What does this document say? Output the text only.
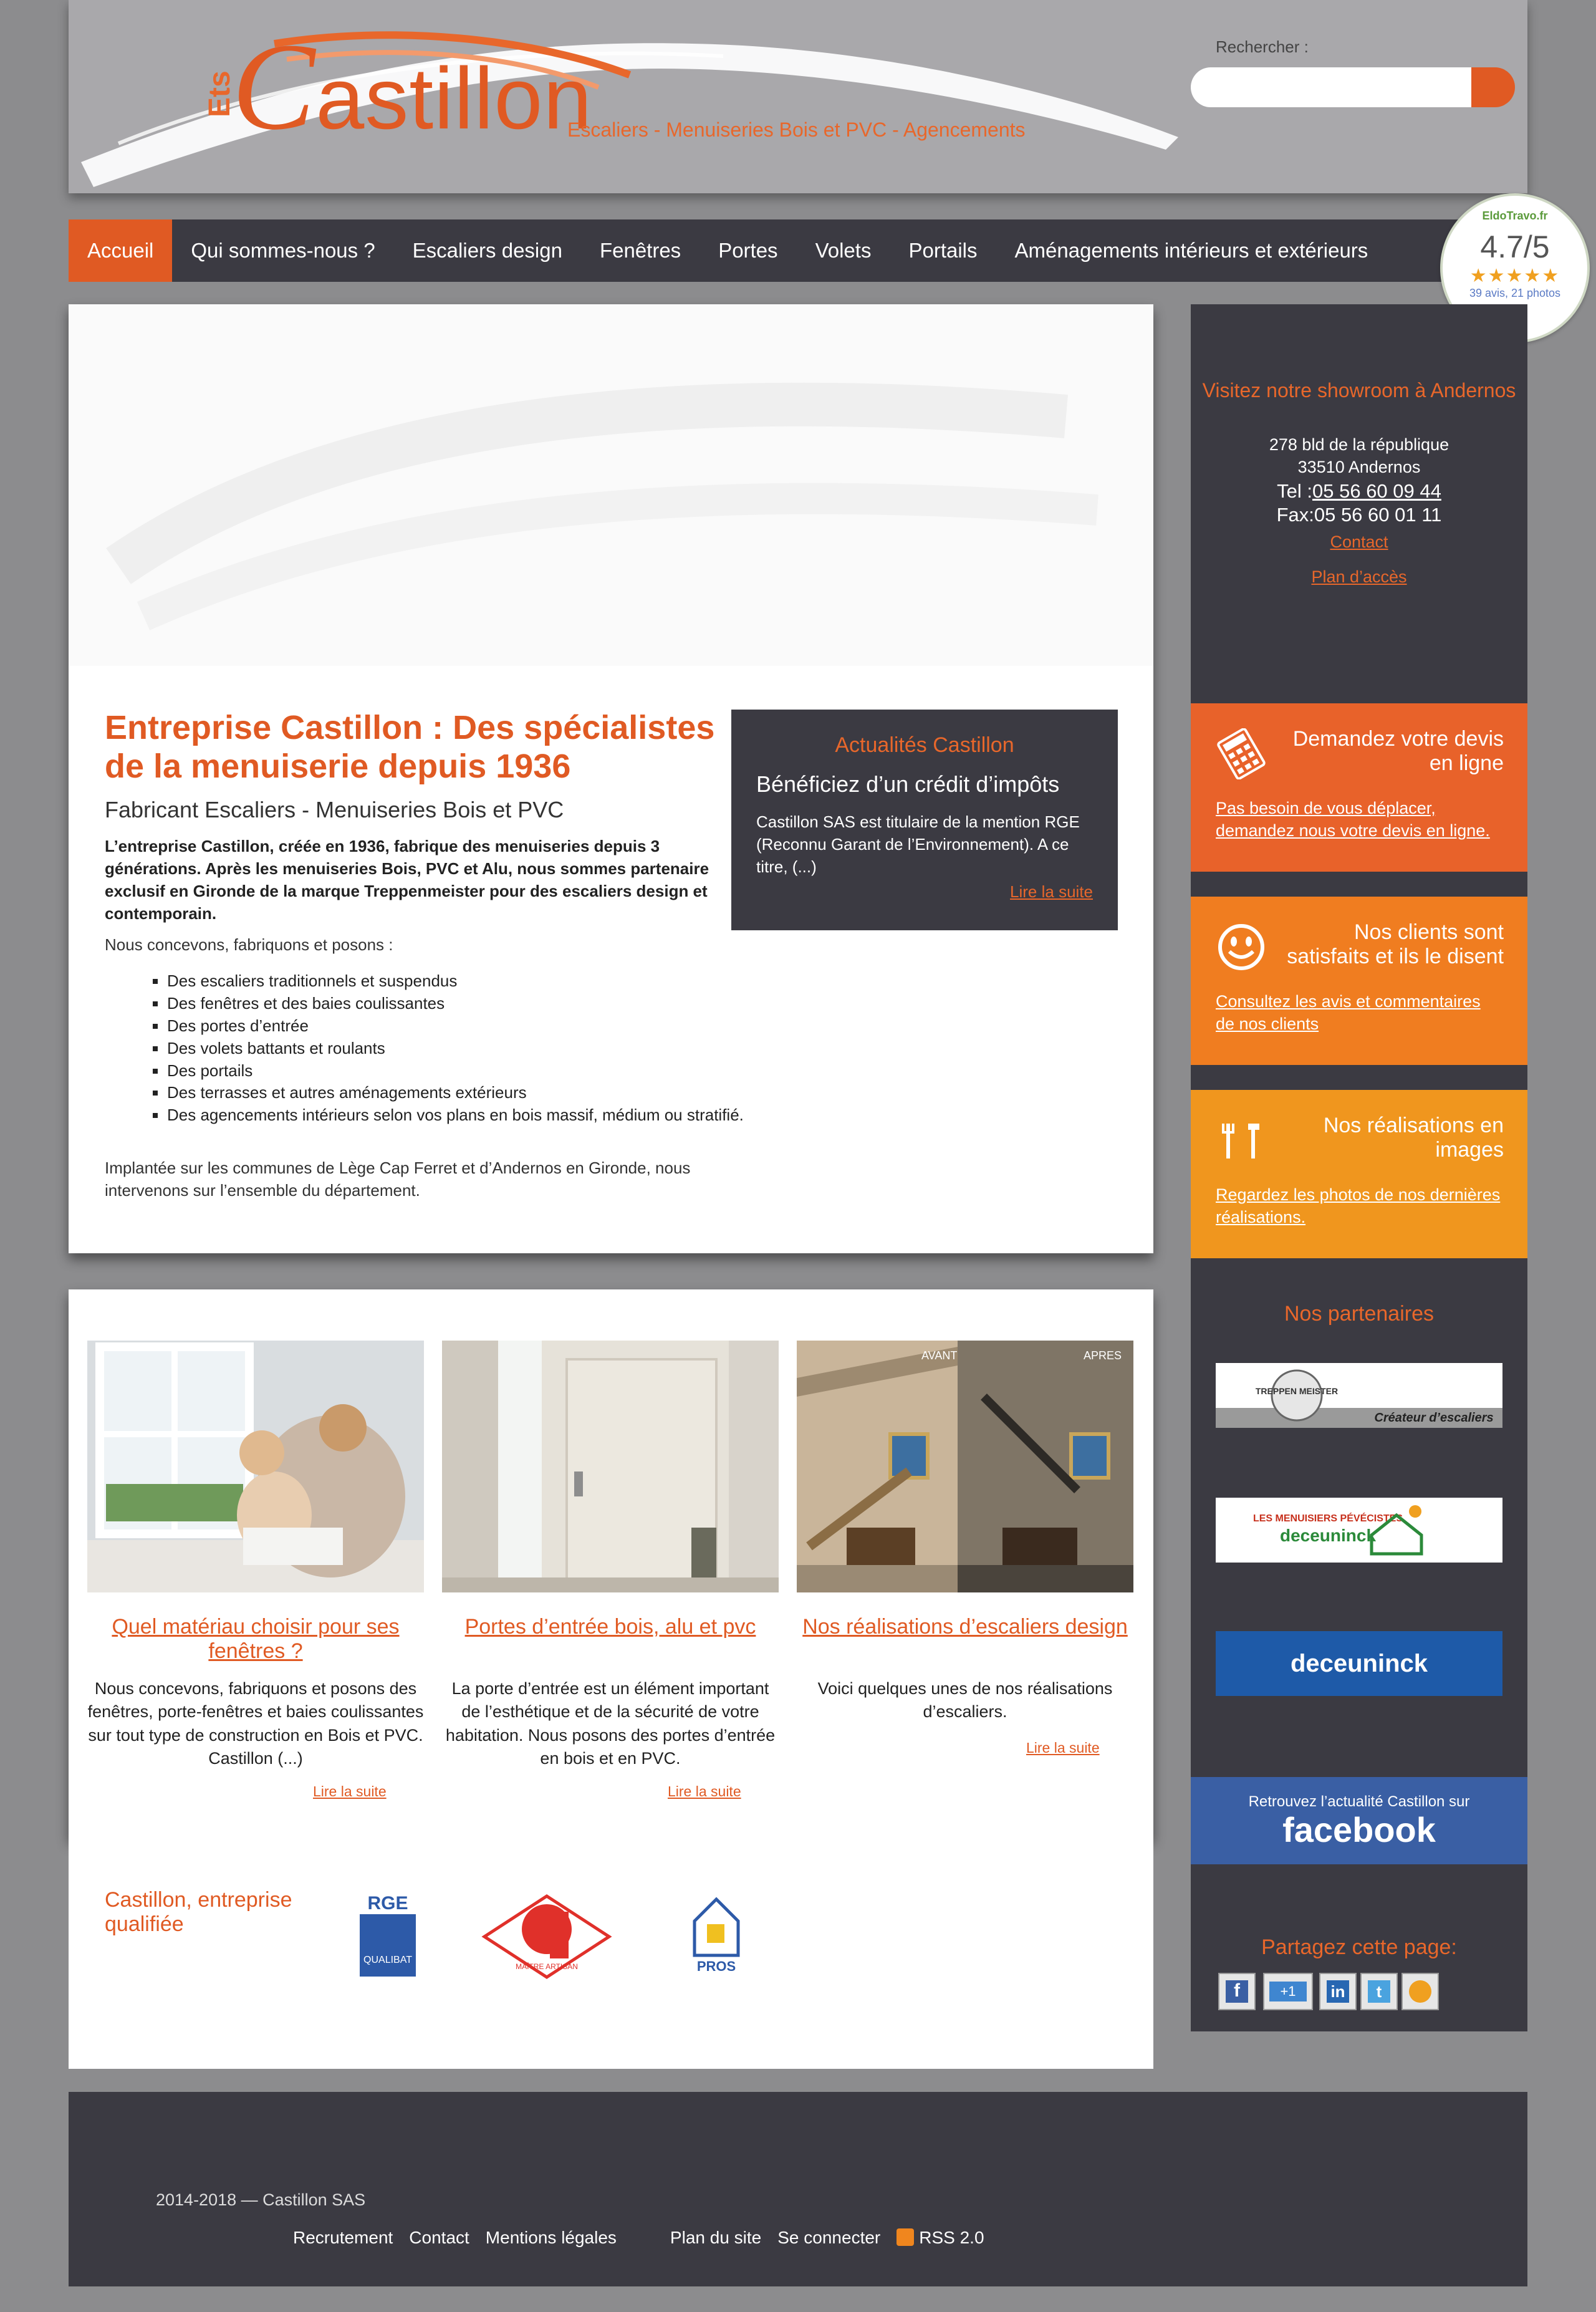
Ets
Castillon
Escaliers - Menuiseries Bois et PVC - Agencements
Rechercher :
Accueil	Qui sommes-nous ?	Escaliers design	Fenêtres	Portes	Volets	Portails	Aménagements intérieurs et extérieurs
EldoTravo.fr
4.7/5
★★★★★
39 avis, 21 photos
Entreprise Castillon : Des spécialistes de la menuiserie depuis 1936
Fabricant Escaliers - Menuiseries Bois et PVC

L’entreprise Castillon, créée en 1936, fabrique des menuiseries depuis 3 générations. Après les menuiseries Bois, PVC et Alu, nous sommes partenaire exclusif en Gironde de la marque Treppenmeister pour des escaliers design et contemporain.

Nous concevons, fabriquons et posons :

▪ Des escaliers traditionnels et suspendus
▪ Des fenêtres et des baies coulissantes
▪ Des portes d’entrée
▪ Des volets battants et roulants
▪ Des portails
▪ Des terrasses et autres aménagements extérieurs
▪ Des agencements intérieurs selon vos plans en bois massif, médium ou stratifié.

Implantée sur les communes de Lège Cap Ferret et d’Andernos en Gironde, nous intervenons sur l’ensemble du département.

Actualités Castillon
Bénéficiez d’un crédit d’impôts
Castillon SAS est titulaire de la mention RGE (Reconnu Garant de l’Environnement). A ce titre, (...)
Lire la suite
Quel matériau choisir pour ses fenêtres ?

Nous concevons, fabriquons et posons des fenêtres, porte-fenêtres et baies coulissantes sur tout type de construction en Bois et PVC. Castillon (...)

Lire la suite
Portes d’entrée bois, alu et pvc

La porte d’entrée est un élément important de l’esthétique et de la sécurité de votre habitation. Nous posons des portes d’entrée en bois et en PVC.

Lire la suite
AVANT	APRES
Nos réalisations d’escaliers design

Voici quelques unes de nos réalisations d’escaliers.

Lire la suite
Castillon, entreprise qualifiée
RGE
QUALIBAT
MAÎTRE ARTISAN	PROS
Visitez notre showroom à Andernos
278 bld de la république
33510 Andernos
Tel :05 56 60 09 44
Fax:05 56 60 01 11
Contact
Plan d’accès
Demandez votre devis en ligne
Pas besoin de vous déplacer, demandez nous votre devis en ligne.
Nos clients sont satisfaits et ils le disent
Consultez les avis et commentaires de nos clients
Nos réalisations en images
Regardez les photos de nos dernières réalisations.
Nos partenaires
TREPPEN MEISTER
Créateur d’escaliers
LES MENUISIERS PÉVÉCISTES
deceuninck
deceuninck
Retrouvez l’actualité Castillon sur
facebook
Partagez cette page:
f	+1	in	t
2014-2018 — Castillon SAS
Recrutement Contact Mentions légales	Plan du site Se connecter	RSS 2.0
